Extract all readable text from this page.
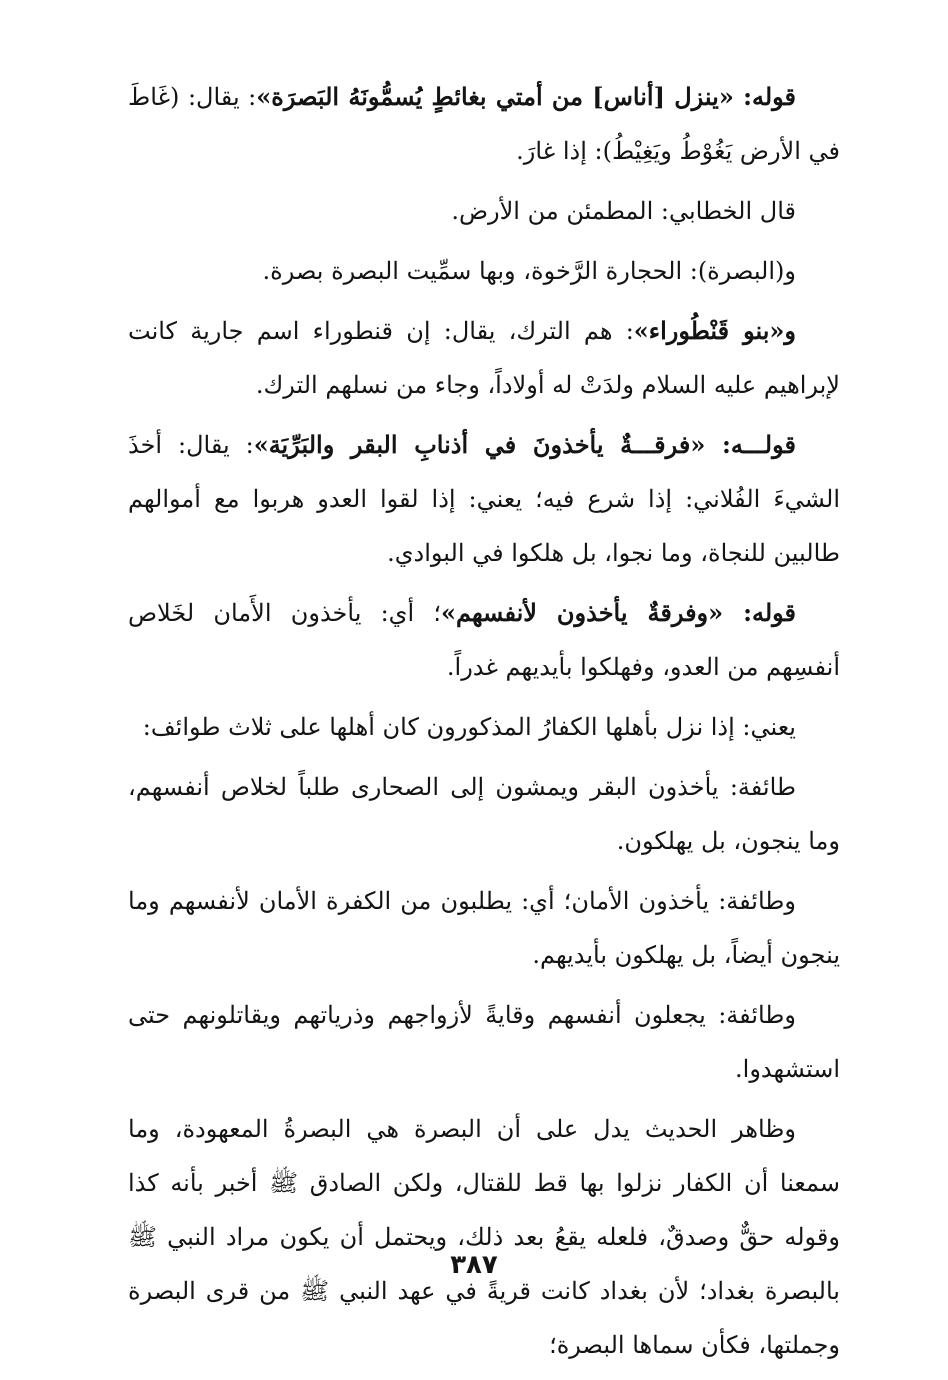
قوله: «ينزل [أناس] من أمتي بغائطٍ يُسمُّونَهُ البَصرَة»: يقال: (غَاطَ في الأرض يَغُوْطُ ويَغِيْطُ): إذا غارَ.

قال الخطابي: المطمئن من الأرض.

و(البصرة): الحجارة الرَّخوة، وبها سمِّيت البصرة بصرة.

و«بنو قَنْطُوراء»: هم الترك، يقال: إن قنطوراء اسم جارية كانت لإبراهيم عليه السلام ولدَتْ له أولاداً، وجاء من نسلهم الترك.

قولـــه: «فرقـــةٌ يأخذونَ في أذنابِ البقر والبَرِّيَة»: يقال: أخذَ الشيءَ الفُلاني: إذا شرع فيه؛ يعني: إذا لقوا العدو هربوا مع أموالهم طالبين للنجاة، وما نجوا، بل هلكوا في البوادي.

قوله: «وفرقةٌ يأخذون لأنفسهم»؛ أي: يأخذون الأَمان لخَلاص أنفسِهم من العدو، وفهلكوا بأيديهم غدراً.

يعني: إذا نزل بأهلها الكفارُ المذكورون كان أهلها على ثلاث طوائف:

طائفة: يأخذون البقر ويمشون إلى الصحارى طلباً لخلاص أنفسهم، وما ينجون، بل يهلكون.

وطائفة: يأخذون الأمان؛ أي: يطلبون من الكفرة الأمان لأنفسهم وما ينجون أيضاً، بل يهلكون بأيديهم.

وطائفة: يجعلون أنفسهم وقايةً لأزواجهم وذرياتهم ويقاتلونهم حتى استشهدوا.

وظاهر الحديث يدل على أن البصرة هي البصرةُ المعهودة، وما سمعنا أن الكفار نزلوا بها قط للقتال، ولكن الصادق ﷺ أخبر بأنه كذا وقوله حقٌّ وصدقٌ، فلعله يقعُ بعد ذلك، ويحتمل أن يكون مراد النبي ﷺ بالبصرة بغداد؛ لأن بغداد كانت قريةً في عهد النبي ﷺ من قرى البصرة وجملتها، فكأن سماها البصرة؛

٣٨٧
